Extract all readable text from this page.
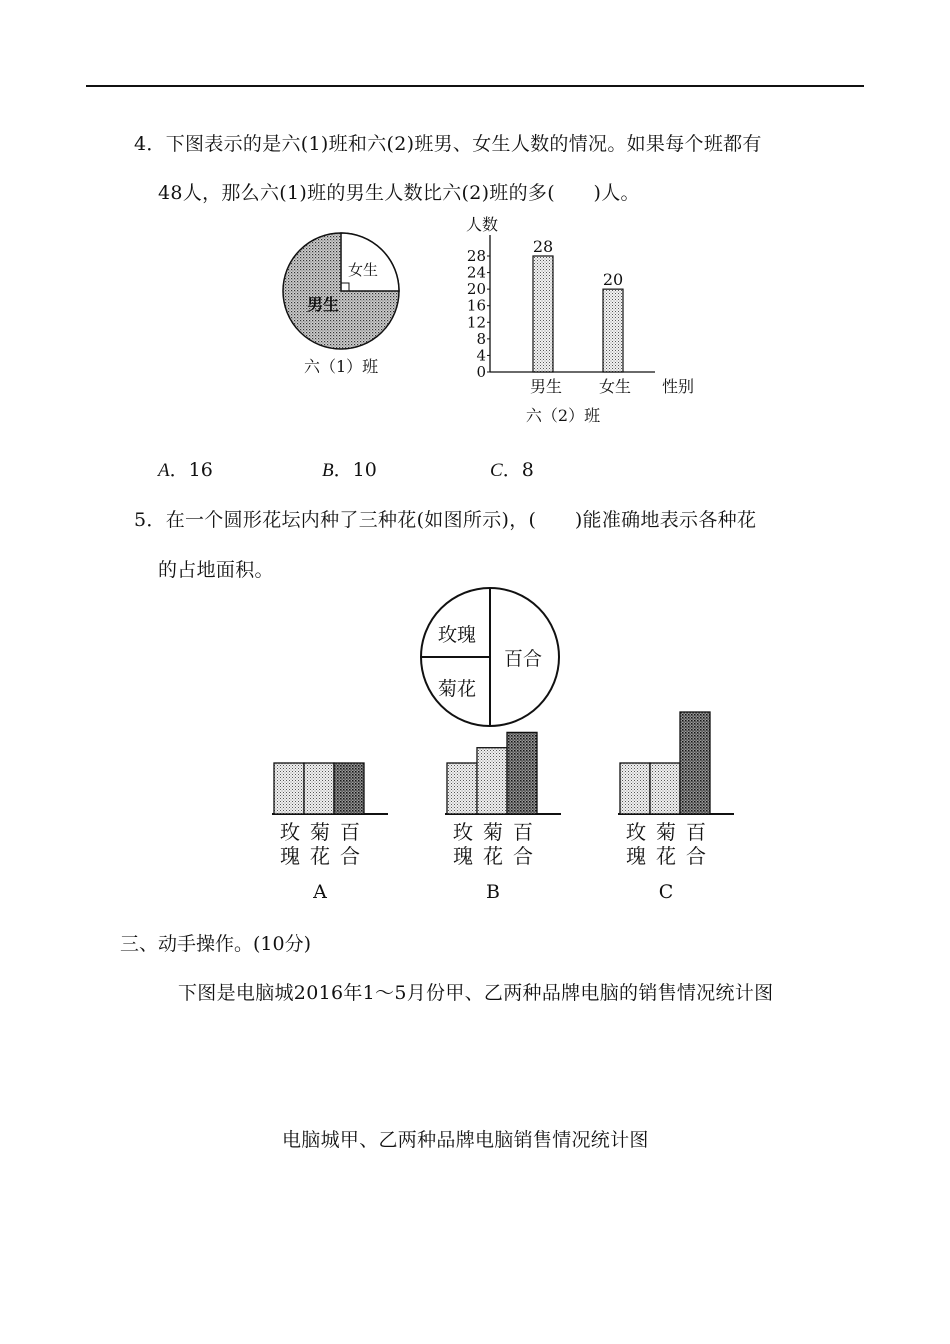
4．下图表示的是六(1)班和六(2)班男、女生人数的情况。如果每个班都有
48人，那么六(1)班的男生人数比六(2)班的多(　　)人。
女生
男生
六（1）班
人数
0
4
8
12
16
20
24
28	28
20
男生 女生 性别
六（2）班
A．16	B．10	C．8
5．在一个圆形花坛内种了三种花(如图所示)，(　　)能准确地表示各种花
的占地面积。
玫瑰
百合
菊花
玫
瑰
菊
花
百
合
A
玫
瑰
菊
花
百
合
B
玫
瑰
菊
花
百
合
C
三、动手操作。(10分)
下图是电脑城2016年1～5月份甲、乙两种品牌电脑的销售情况统计图
电脑城甲、乙两种品牌电脑销售情况统计图
